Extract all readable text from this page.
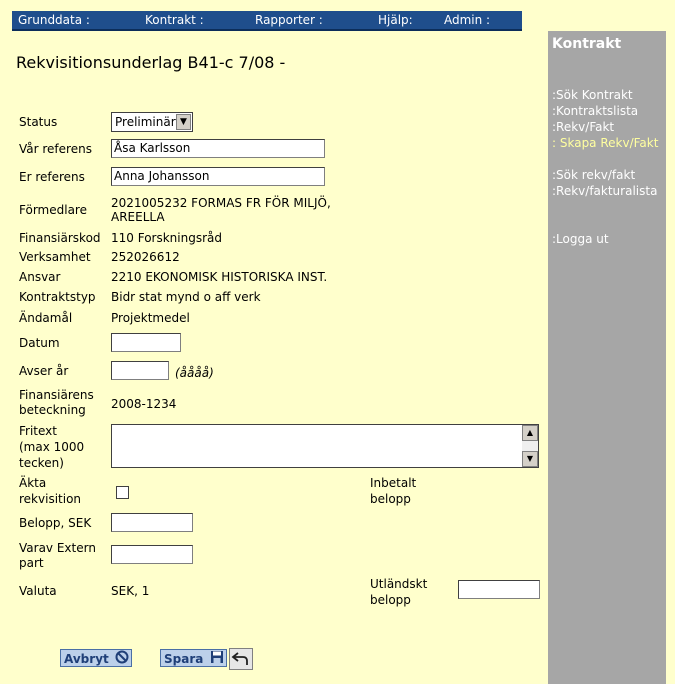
Grunddata :	Kontrakt :	Rapporter :	Hjälp:	Admin :
Rekvisitionsunderlag B41-c 7/08 -
Kontrakt
:Sök Kontrakt
:Kontraktslista
:Rekv/Fakt
: Skapa Rekv/Fakt
:Sök rekv/fakt
:Rekv/fakturalista
:Logga ut
Status	Preliminär ▼
Vår referens Åsa Karlsson
Er referens Anna Johansson
Förmedlare 2021005232 FORMAS FR FÖR MILJÖ,
AREELLA
Finansiärskod 110 Forskningsråd
Verksamhet 252026612
Ansvar	2210 EKONOMISK HISTORISKA INST.
Kontraktstyp Bidr stat mynd o aff verk
Ändamål	Projektmedel
Datum
Avser år	(åååå)
Finansiärens
beteckning 2008-1234
Fritext
(max 1000
tecken)
▲
▼
Äkta
rekvisition
Inbetalt
belopp
Belopp, SEK
Varav Extern
part
Valuta	SEK, 1	Utländskt
belopp
Avbryt	Spara
